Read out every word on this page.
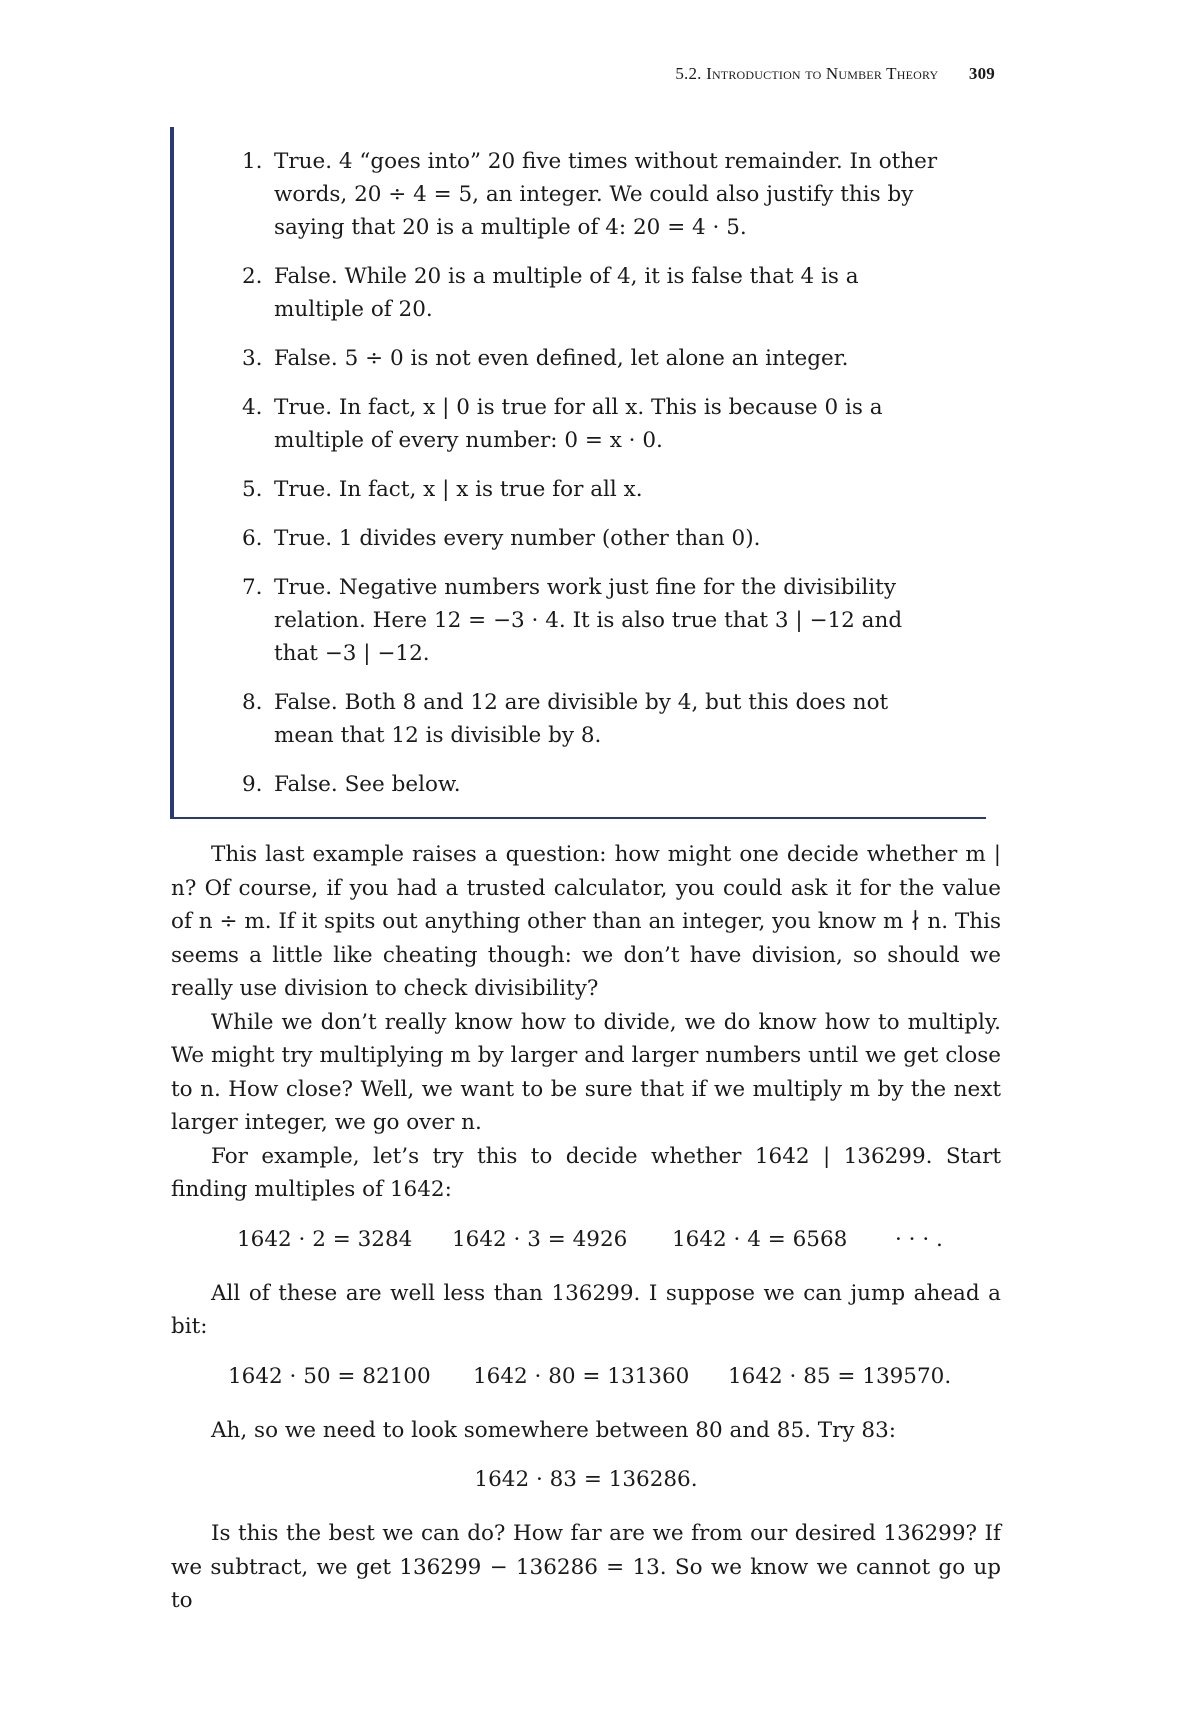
5.2. Introduction to Number Theory 309
1. True. 4 “goes into” 20 five times without remainder. In other words, 20 ÷ 4 = 5, an integer. We could also justify this by saying that 20 is a multiple of 4: 20 = 4 · 5.
2. False. While 20 is a multiple of 4, it is false that 4 is a multiple of 20.
3. False. 5 ÷ 0 is not even defined, let alone an integer.
4. True. In fact, x | 0 is true for all x. This is because 0 is a multiple of every number: 0 = x · 0.
5. True. In fact, x | x is true for all x.
6. True. 1 divides every number (other than 0).
7. True. Negative numbers work just fine for the divisibility relation. Here 12 = −3 · 4. It is also true that 3 | −12 and that −3 | −12.
8. False. Both 8 and 12 are divisible by 4, but this does not mean that 12 is divisible by 8.
9. False. See below.

This last example raises a question: how might one decide whether m | n? Of course, if you had a trusted calculator, you could ask it for the value of n ÷ m. If it spits out anything other than an integer, you know m ∤ n. This seems a little like cheating though: we don’t have division, so should we really use division to check divisibility?

While we don’t really know how to divide, we do know how to multiply. We might try multiplying m by larger and larger numbers until we get close to n. How close? Well, we want to be sure that if we multiply m by the next larger integer, we go over n.

For example, let’s try this to decide whether 1642 | 136299. Start finding multiples of 1642:

1642 · 2 = 3284 1642 · 3 = 4926 1642 · 4 = 6568 · · · .

All of these are well less than 136299. I suppose we can jump ahead a bit:

1642 · 50 = 82100 1642 · 80 = 131360 1642 · 85 = 139570.

Ah, so we need to look somewhere between 80 and 85. Try 83:

1642 · 83 = 136286.

Is this the best we can do? How far are we from our desired 136299? If we subtract, we get 136299 − 136286 = 13. So we know we cannot go up to
